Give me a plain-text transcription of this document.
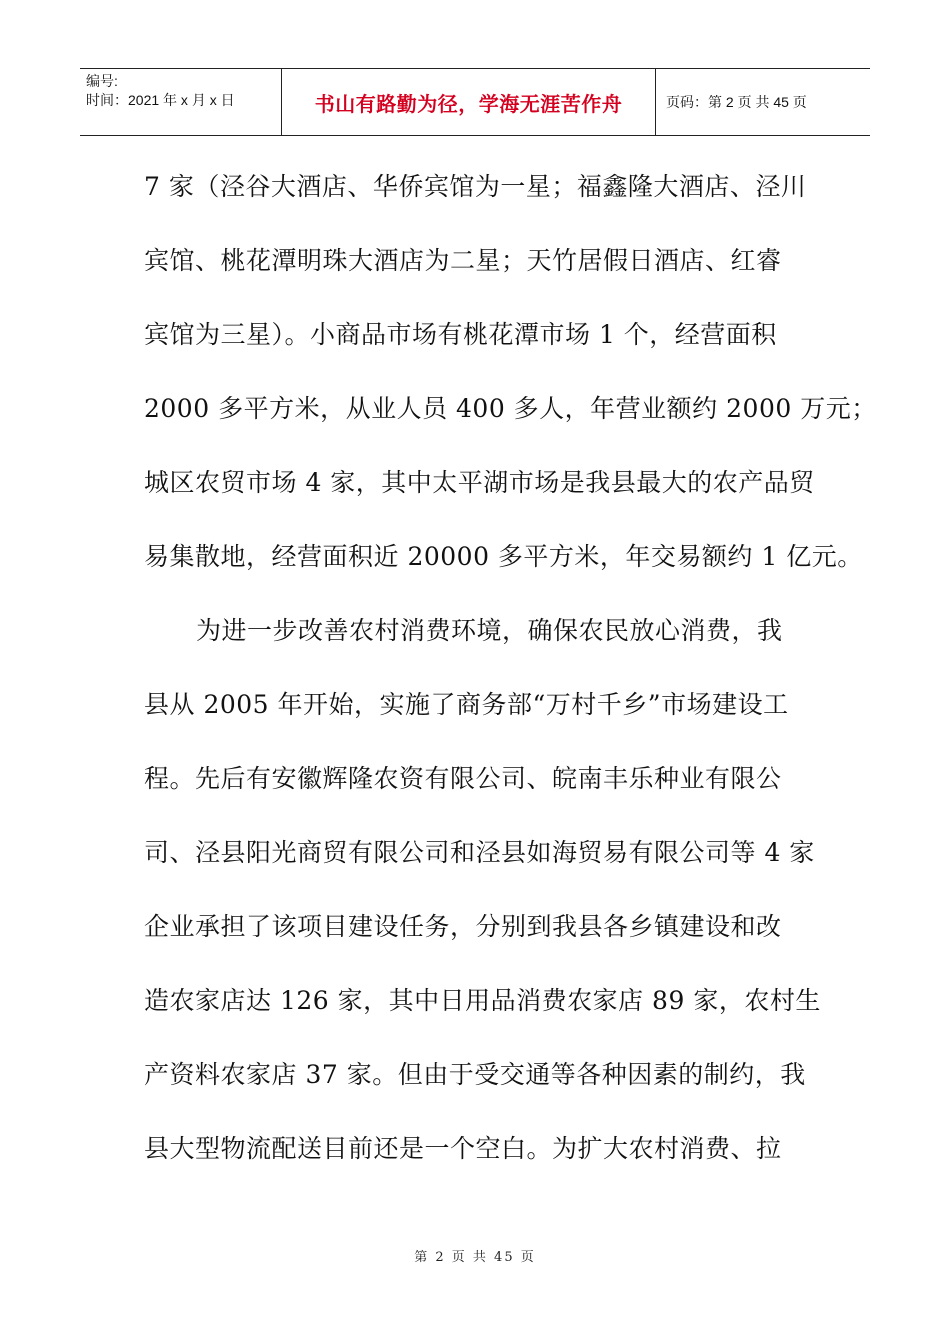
编号:
时间：2021 年 x 月 x 日	书山有路勤为径，学海无涯苦作舟	页码：第 2 页 共 45 页
7 家（泾谷大酒店、华侨宾馆为一星；福鑫隆大酒店、泾川
宾馆、桃花潭明珠大酒店为二星；天竹居假日酒店、红睿
宾馆为三星）。小商品市场有桃花潭市场 1 个，经营面积
2000 多平方米，从业人员 400 多人，年营业额约 2000 万元；
城区农贸市场 4 家，其中太平湖市场是我县最大的农产品贸
易集散地，经营面积近 20000 多平方米，年交易额约 1 亿元。
为进一步改善农村消费环境，确保农民放心消费，我
县从 2005 年开始，实施了商务部“万村千乡”市场建设工
程。先后有安徽辉隆农资有限公司、皖南丰乐种业有限公
司、泾县阳光商贸有限公司和泾县如海贸易有限公司等 4 家
企业承担了该项目建设任务，分别到我县各乡镇建设和改
造农家店达 126 家，其中日用品消费农家店 89 家，农村生
产资料农家店 37 家。但由于受交通等各种因素的制约，我
县大型物流配送目前还是一个空白。为扩大农村消费、拉
第 2 页 共 45 页
